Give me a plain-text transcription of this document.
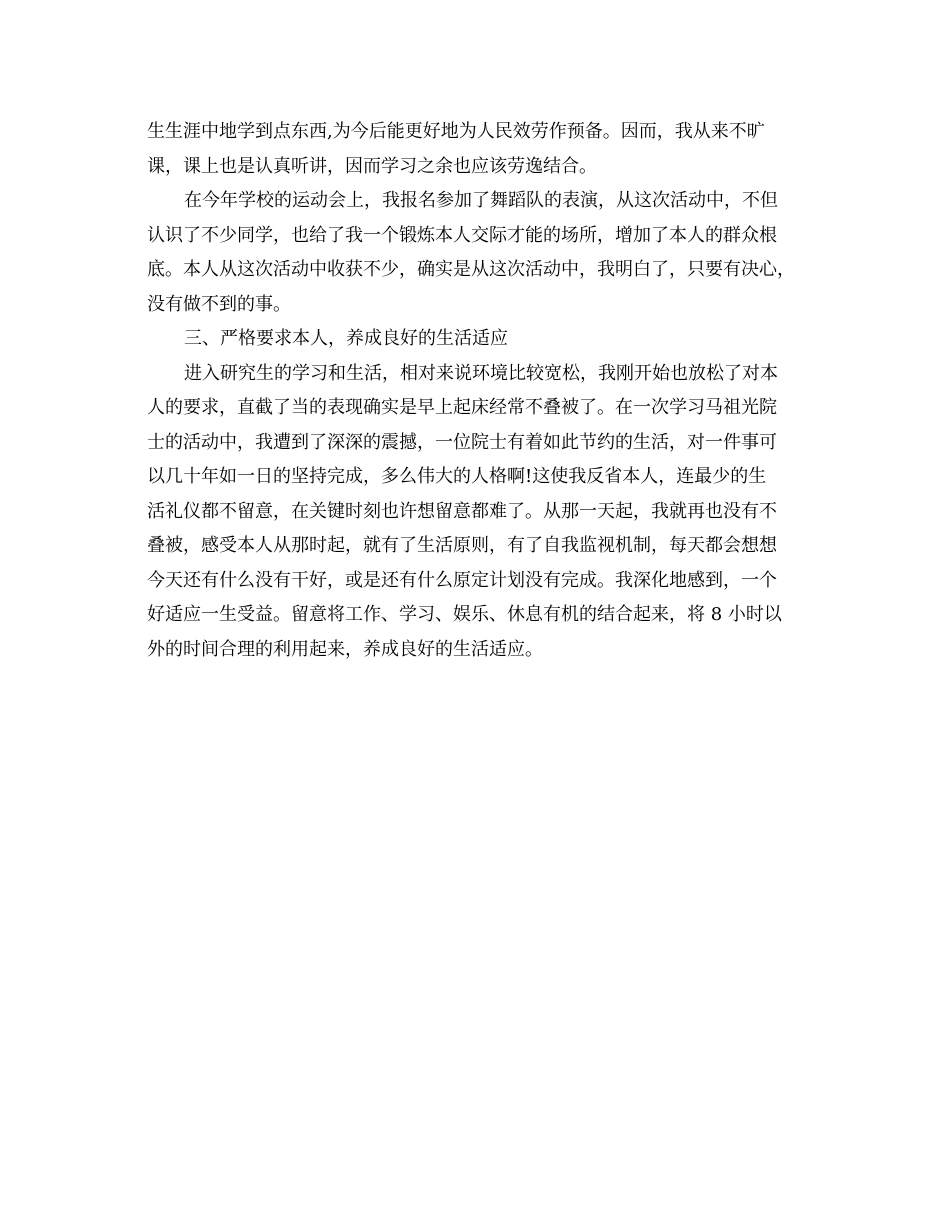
生生涯中地学到点东西,为今后能更好地为人民效劳作预备。因而，我从来不旷
课，课上也是认真听讲，因而学习之余也应该劳逸结合。
在今年学校的运动会上，我报名参加了舞蹈队的表演，从这次活动中，不但
认识了不少同学，也给了我一个锻炼本人交际才能的场所，增加了本人的群众根
底。本人从这次活动中收获不少，确实是从这次活动中，我明白了，只要有决心，
没有做不到的事。
三、严格要求本人，养成良好的生活适应
进入研究生的学习和生活，相对来说环境比较宽松，我刚开始也放松了对本
人的要求，直截了当的表现确实是早上起床经常不叠被了。在一次学习马祖光院
士的活动中，我遭到了深深的震撼，一位院士有着如此节约的生活，对一件事可
以几十年如一日的坚持完成，多么伟大的人格啊!这使我反省本人，连最少的生
活礼仪都不留意，在关键时刻也许想留意都难了。从那一天起，我就再也没有不
叠被，感受本人从那时起，就有了生活原则，有了自我监视机制，每天都会想想
今天还有什么没有干好，或是还有什么原定计划没有完成。我深化地感到，一个
好适应一生受益。留意将工作、学习、娱乐、休息有机的结合起来，将 8 小时以
外的时间合理的利用起来，养成良好的生活适应。
